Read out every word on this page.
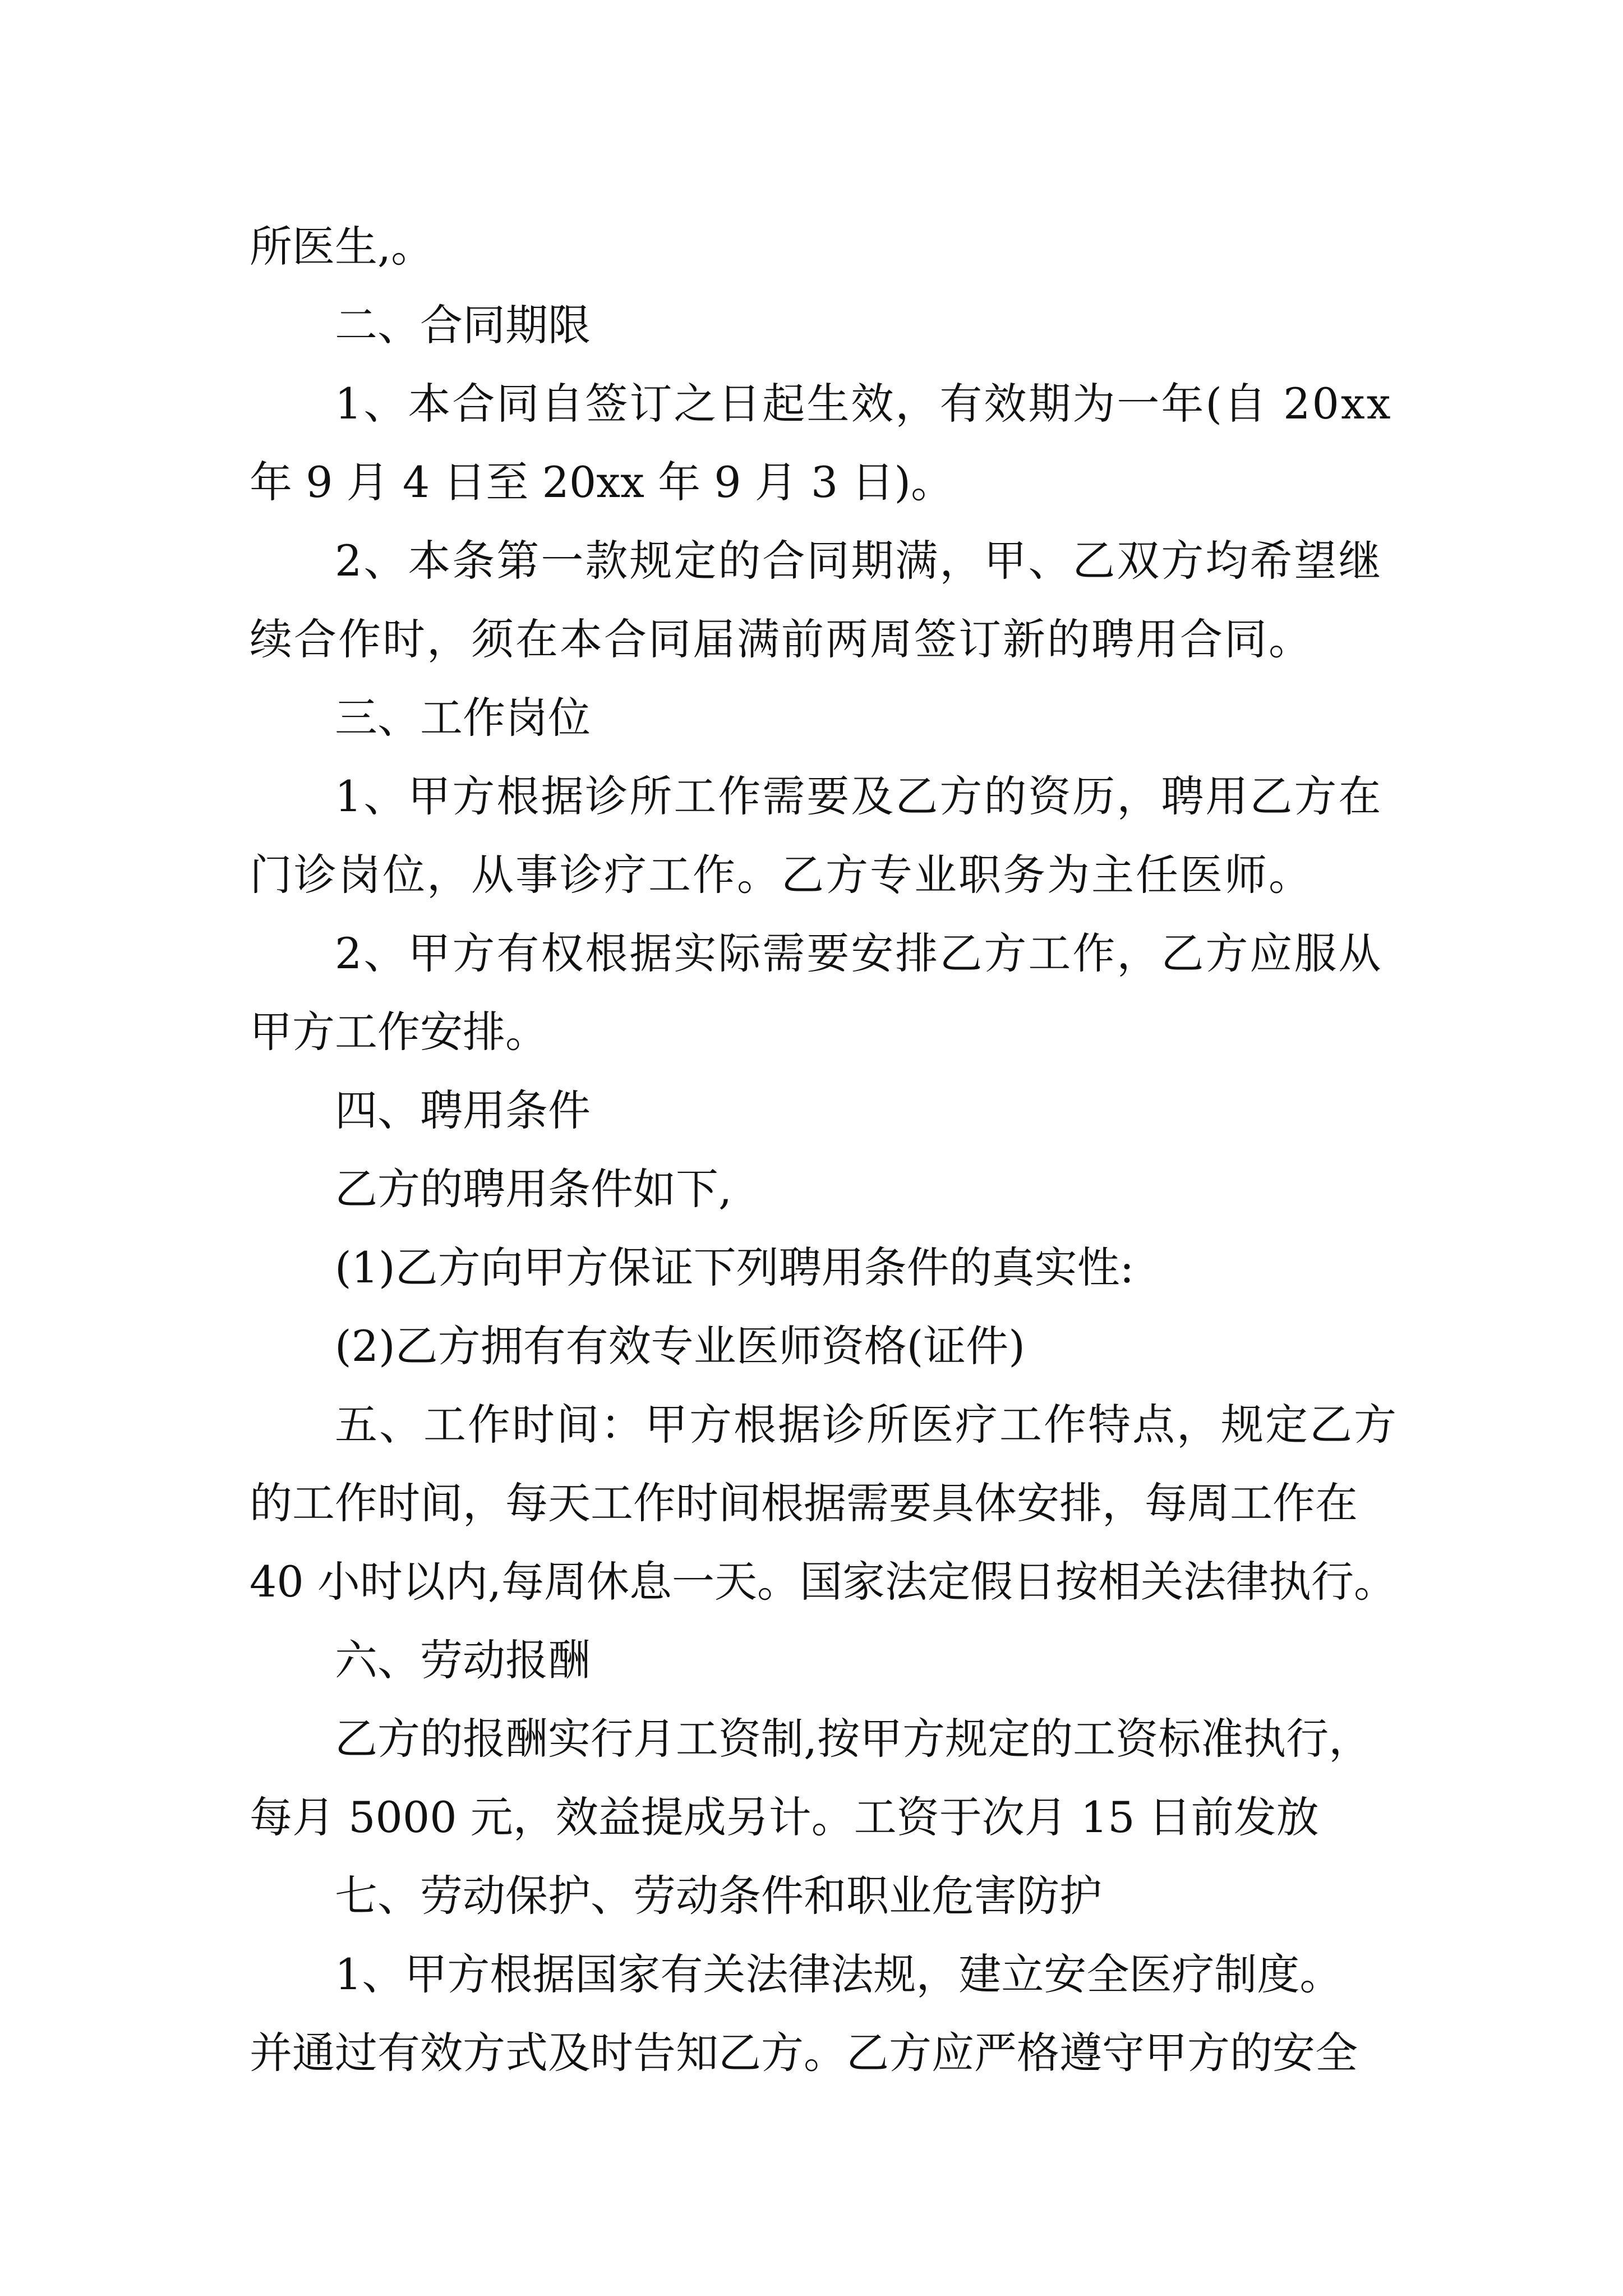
所医生,。

二、合同期限

1、本合同自签订之日起生效，有效期为一年(自 20xx

年 9 月 4 日至 20xx 年 9 月 3 日)。

2、本条第一款规定的合同期满，甲、乙双方均希望继

续合作时，须在本合同届满前两周签订新的聘用合同。

三、工作岗位

1、甲方根据诊所工作需要及乙方的资历，聘用乙方在

门诊岗位，从事诊疗工作。乙方专业职务为主任医师。

2、甲方有权根据实际需要安排乙方工作，乙方应服从

甲方工作安排。

四、聘用条件

乙方的聘用条件如下,

(1)乙方向甲方保证下列聘用条件的真实性:

(2)乙方拥有有效专业医师资格(证件)

五、工作时间：甲方根据诊所医疗工作特点，规定乙方

的工作时间，每天工作时间根据需要具体安排，每周工作在

40 小时以内,每周休息一天。国家法定假日按相关法律执行。

六、劳动报酬

乙方的报酬实行月工资制,按甲方规定的工资标准执行，

每月 5000 元，效益提成另计。工资于次月 15 日前发放

七、劳动保护、劳动条件和职业危害防护

1、甲方根据国家有关法律法规，建立安全医疗制度。

并通过有效方式及时告知乙方。乙方应严格遵守甲方的安全
